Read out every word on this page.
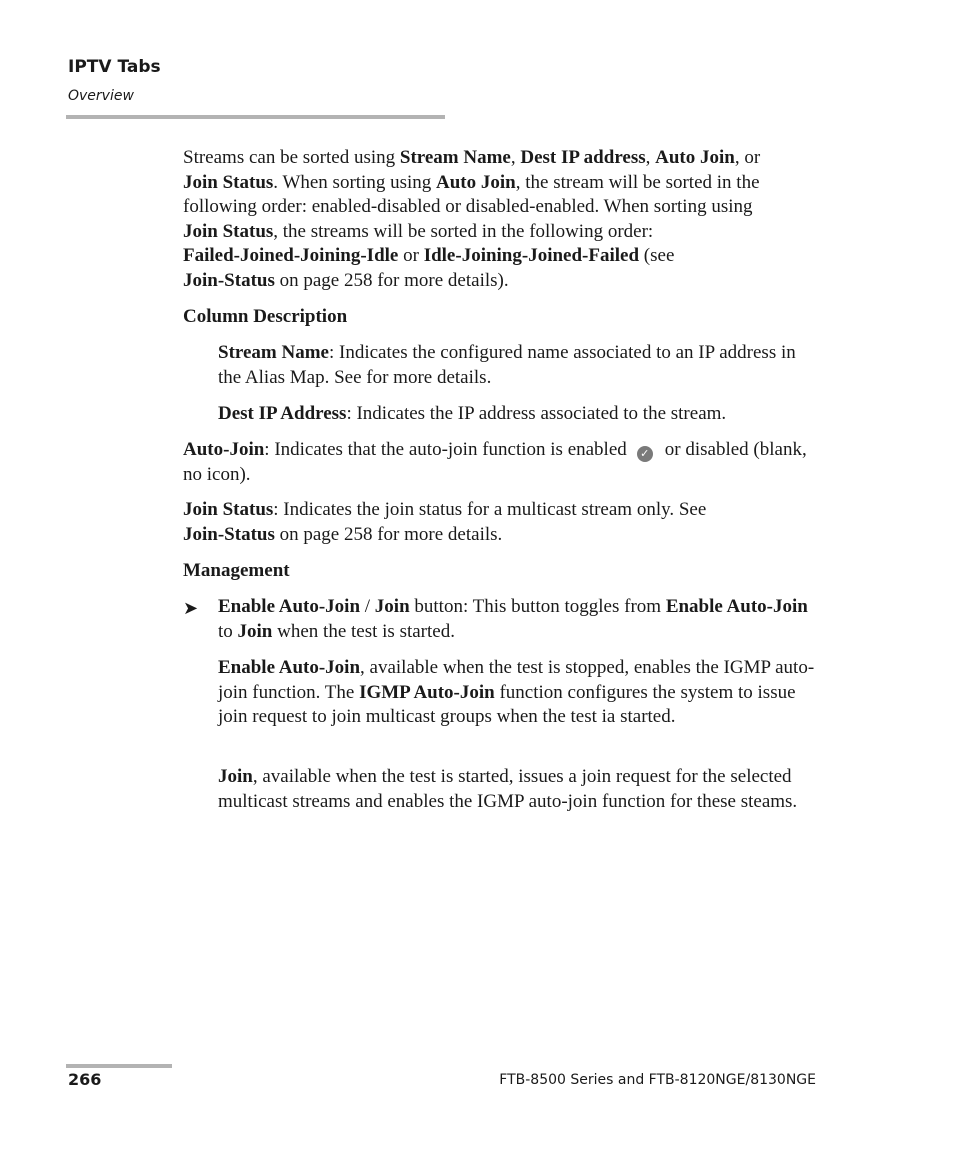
IPTV Tabs
Overview

Streams can be sorted using Stream Name, Dest IP address, Auto Join, or
Join Status. When sorting using Auto Join, the stream will be sorted in the following order: enabled-disabled or disabled-enabled. When sorting using
Join Status, the streams will be sorted in the following order:
Failed-Joined-Joining-Idle or Idle-Joining-Joined-Failed (see
Join-Status on page 258 for more details).

Column Description

Stream Name: Indicates the configured name associated to an IP address in the Alias Map. See for more details.

Dest IP Address: Indicates the IP address associated to the stream.

Auto-Join: Indicates that the auto-join function is enabled ✓ or disabled (blank, no icon).

Join Status: Indicates the join status for a multicast stream only. See
Join-Status on page 258 for more details.

Management

➤ Enable Auto-Join / Join button: This button toggles from Enable Auto-Join to Join when the test is started.

Enable Auto-Join, available when the test is stopped, enables the IGMP auto-join function. The IGMP Auto-Join function configures the system to issue join request to join multicast groups when the test ia started.

Join, available when the test is started, issues a join request for the selected multicast streams and enables the IGMP auto-join function for these steams.

266	FTB-8500 Series and FTB-8120NGE/8130NGE
